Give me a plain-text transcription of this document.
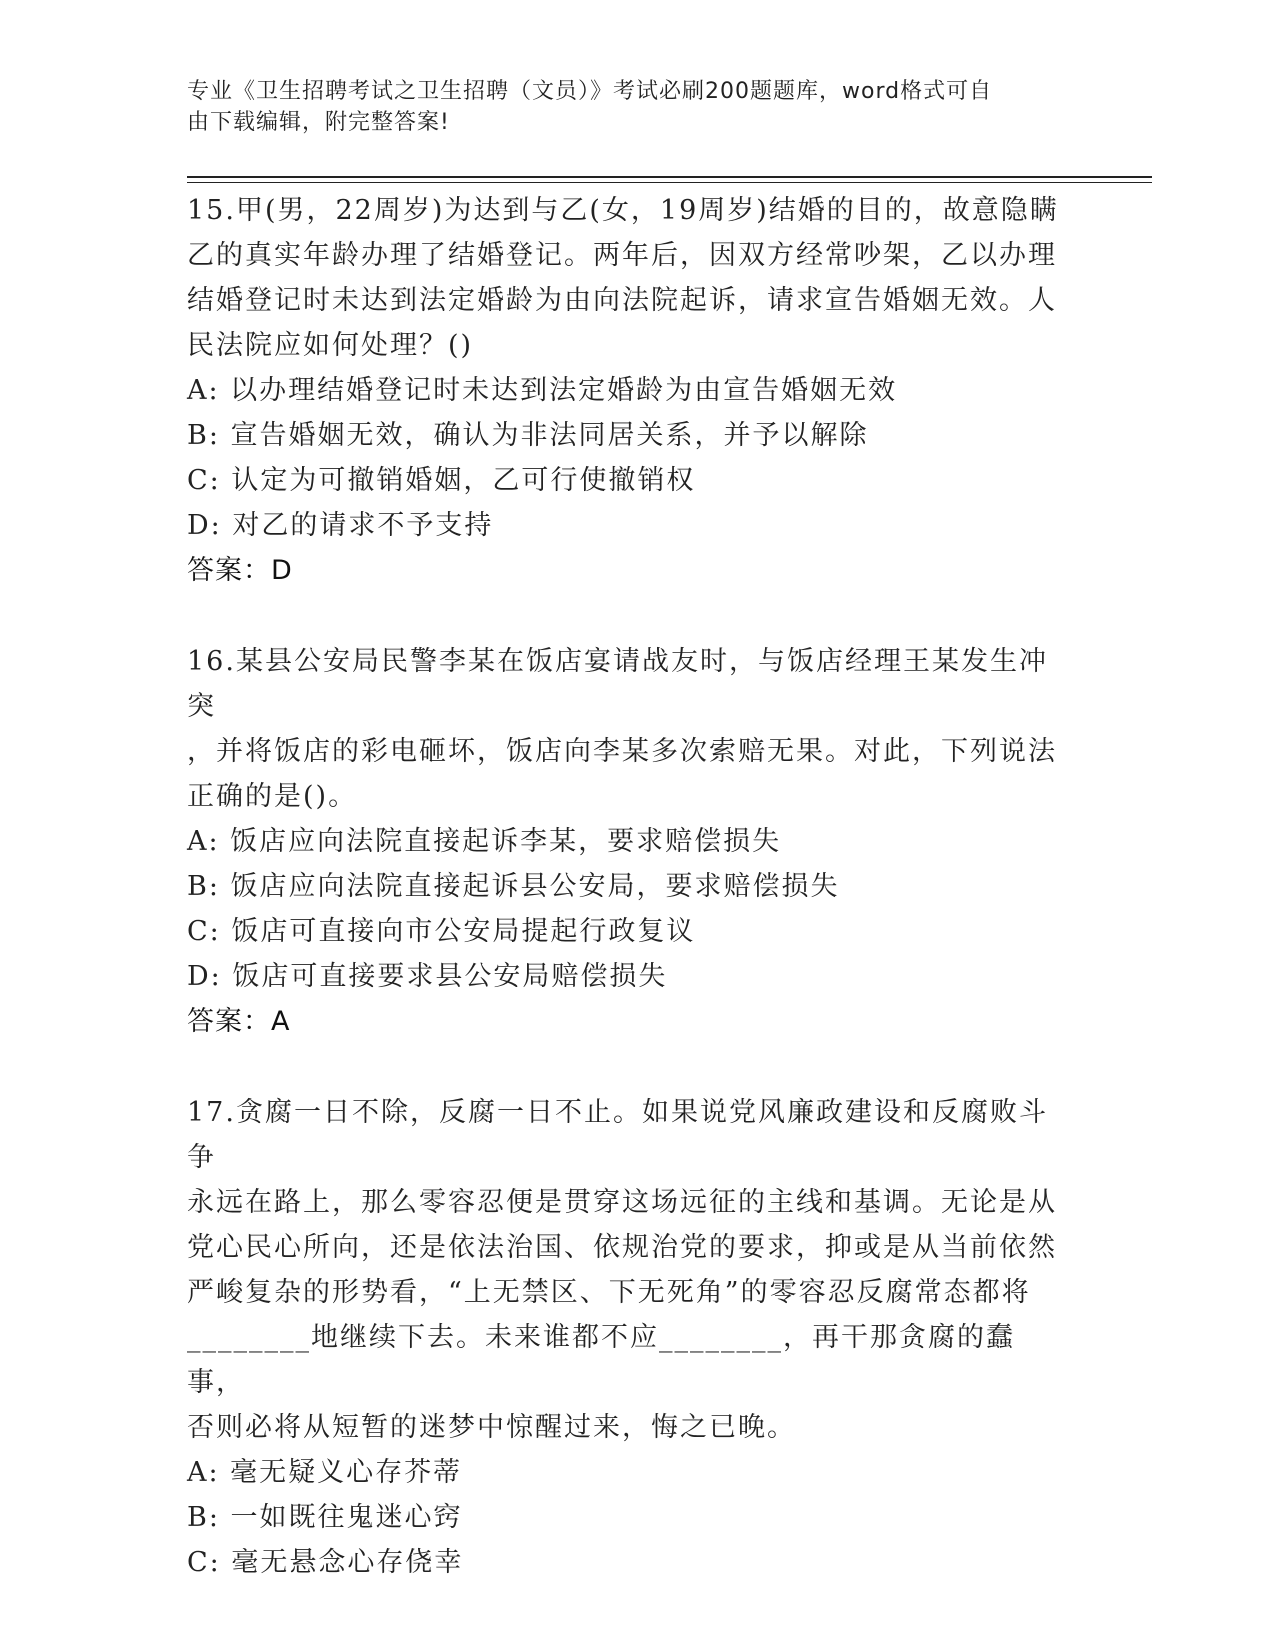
专业《卫生招聘考试之卫生招聘（文员）》考试必刷200题题库，word格式可自
由下载编辑，附完整答案!

15.甲(男，22周岁)为达到与乙(女，19周岁)结婚的目的，故意隐瞒

乙的真实年龄办理了结婚登记。两年后，因双方经常吵架，乙以办理

结婚登记时未达到法定婚龄为由向法院起诉，请求宣告婚姻无效。人

民法院应如何处理？()

A: 以办理结婚登记时未达到法定婚龄为由宣告婚姻无效

B: 宣告婚姻无效，确认为非法同居关系，并予以解除

C: 认定为可撤销婚姻，乙可行使撤销权

D: 对乙的请求不予支持

答案：D

16.某县公安局民警李某在饭店宴请战友时，与饭店经理王某发生冲突

，并将饭店的彩电砸坏，饭店向李某多次索赔无果。对此，下列说法

正确的是()。

A: 饭店应向法院直接起诉李某，要求赔偿损失

B: 饭店应向法院直接起诉县公安局，要求赔偿损失

C: 饭店可直接向市公安局提起行政复议

D: 饭店可直接要求县公安局赔偿损失

答案：A

17.贪腐一日不除，反腐一日不止。如果说党风廉政建设和反腐败斗争

永远在路上，那么零容忍便是贯穿这场远征的主线和基调。无论是从

党心民心所向，还是依法治国、依规治党的要求，抑或是从当前依然

严峻复杂的形势看，“上无禁区、下无死角”的零容忍反腐常态都将

________地继续下去。未来谁都不应________，再干那贪腐的蠢事，

否则必将从短暂的迷梦中惊醒过来，悔之已晚。

A: 毫无疑义心存芥蒂

B: 一如既往鬼迷心窍

C: 毫无悬念心存侥幸
